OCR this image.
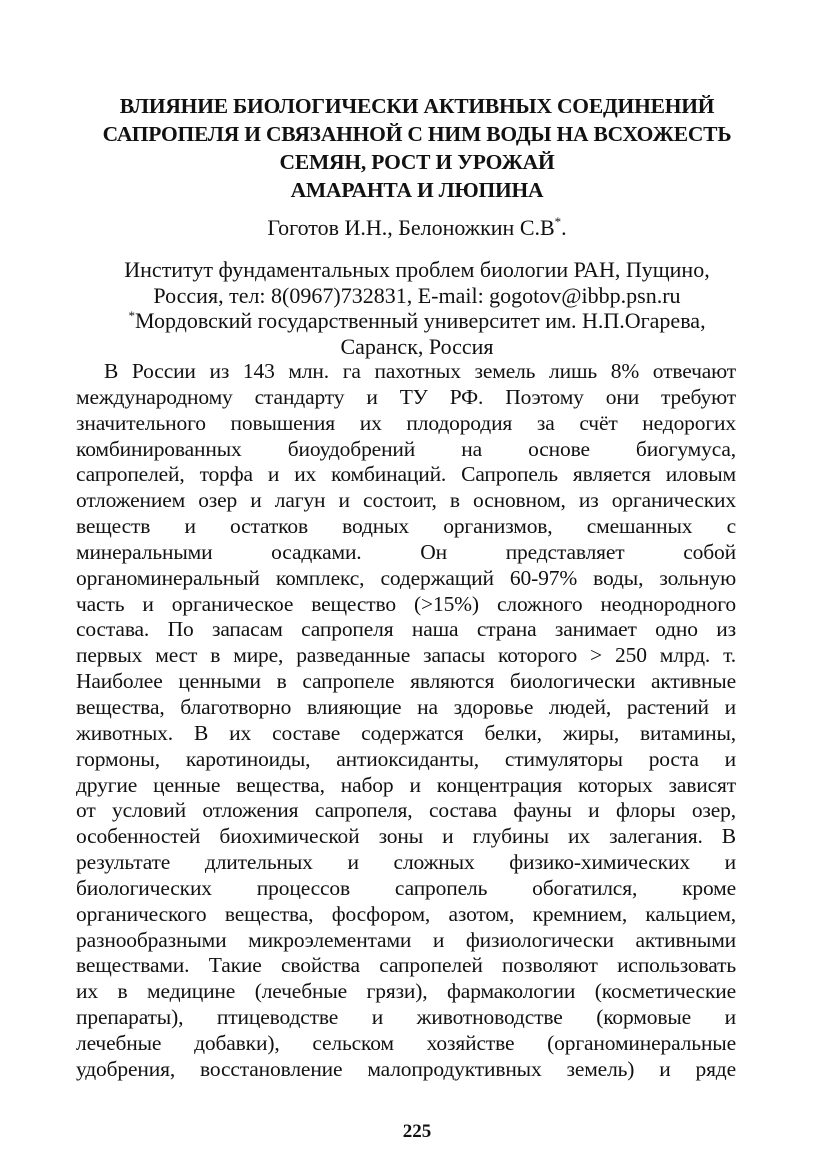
ВЛИЯНИЕ БИОЛОГИЧЕСКИ АКТИВНЫХ СОЕДИНЕНИЙ
САПРОПЕЛЯ И СВЯЗАННОЙ С НИМ ВОДЫ НА ВСХОЖЕСТЬ
СЕМЯН, РОСТ И УРОЖАЙ
АМАРАНТА И ЛЮПИНА
Гоготов И.Н., Белоножкин С.В*.
Институт фундаментальных проблем биологии РАН, Пущино,
Россия, тел: 8(0967)732831, E-mail: gogotov@ibbp.psn.ru
*Мордовский государственный университет им. Н.П.Огарева,
Саранск, Россия
В России из 143 млн. га пахотных земель лишь 8% отвечают
международному стандарту и ТУ РФ. Поэтому они требуют
значительного повышения их плодородия за счёт недорогих
комбинированных биоудобрений на основе биогумуса,
сапропелей, торфа и их комбинаций. Сапропель является иловым
отложением озер и лагун и состоит, в основном, из органических
веществ и остатков водных организмов, смешанных с
минеральными осадками. Он представляет собой
органоминеральный комплекс, содержащий 60-97% воды, зольную
часть и органическое вещество (>15%) сложного неоднородного
состава. По запасам сапропеля наша страна занимает одно из
первых мест в мире, разведанные запасы которого > 250 млрд. т.
Наиболее ценными в сапропеле являются биологически активные
вещества, благотворно влияющие на здоровье людей, растений и
животных. В их составе содержатся белки, жиры, витамины,
гормоны, каротиноиды, антиоксиданты, стимуляторы роста и
другие ценные вещества, набор и концентрация которых зависят
от условий отложения сапропеля, состава фауны и флоры озер,
особенностей биохимической зоны и глубины их залегания. В
результате длительных и сложных физико-химических и
биологических процессов сапропель обогатился, кроме
органического вещества, фосфором, азотом, кремнием, кальцием,
разнообразными микроэлементами и физиологически активными
веществами. Такие свойства сапропелей позволяют использовать
их в медицине (лечебные грязи), фармакологии (косметические
препараты), птицеводстве и животноводстве (кормовые и
лечебные добавки), сельском хозяйстве (органоминеральные
удобрения, восстановление малопродуктивных земель) и ряде
225
